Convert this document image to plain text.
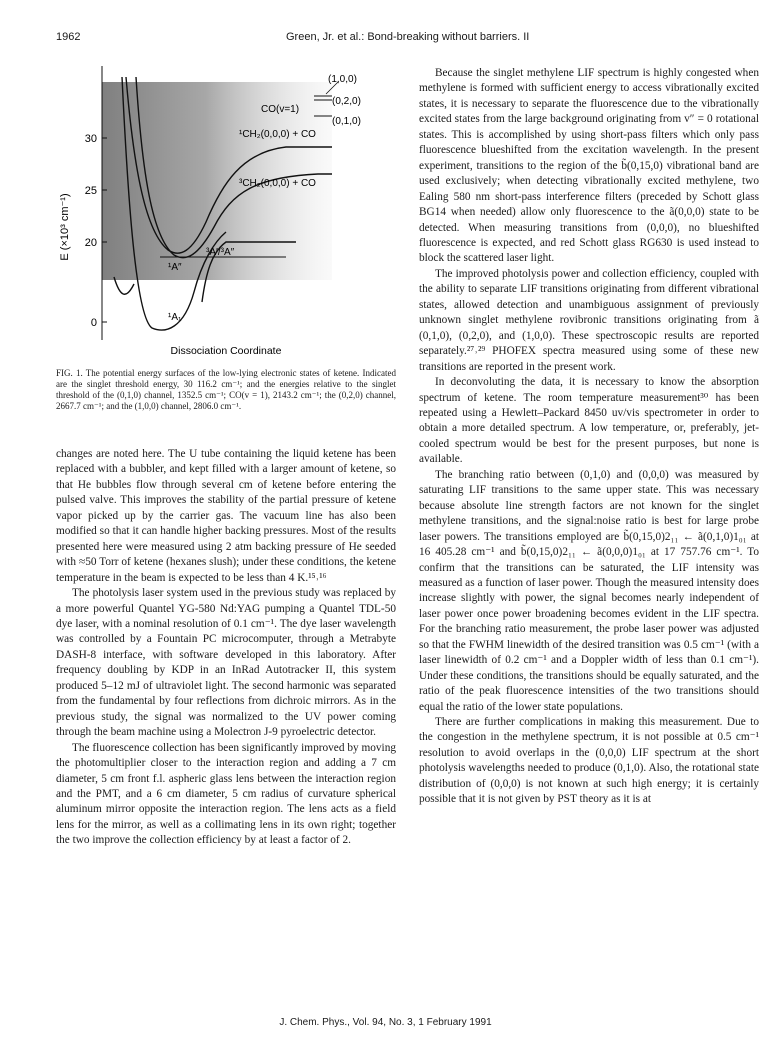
1962	Green, Jr. et al.: Bond-breaking without barriers. II
0
20
25
30
E (×10³ cm⁻¹)
(1,0,0)
(0,2,0)
(0,1,0)
CO(v=1)
¹CH₂(0,0,0) + CO
³CH₂(0,0,0) + CO
¹A″
³A′/³A″
¹A₁
Dissociation Coordinate
FIG. 1. The potential energy surfaces of the low-lying electronic states of ketene. Indicated are the singlet threshold energy, 30 116.2 cm⁻¹; and the energies relative to the singlet threshold of the (0,1,0) channel, 1352.5 cm⁻¹; CO(v = 1), 2143.2 cm⁻¹; the (0,2,0) channel, 2667.7 cm⁻¹; and the (1,0,0) channel, 2806.0 cm⁻¹.

changes are noted here. The U tube containing the liquid ketene has been replaced with a bubbler, and kept filled with a larger amount of ketene, so that He bubbles flow through several cm of ketene before entering the pulsed valve. This improves the stability of the partial pressure of ketene vapor picked up by the carrier gas. The vacuum line has also been modified so that it can handle higher backing pressures. Most of the results presented here were measured using 2 atm backing pressure of He seeded with ≈50 Torr of ketene (hexanes slush); under these conditions, the ketene temperature in the beam is expected to be less than 4 K.¹⁵˒¹⁶

The photolysis laser system used in the previous study was replaced by a more powerful Quantel YG-580 Nd:YAG pumping a Quantel TDL-50 dye laser, with a nominal resolution of 0.1 cm⁻¹. The dye laser wavelength was controlled by a Fountain PC microcomputer, through a Metrabyte DASH-8 interface, with software developed in this laboratory. After frequency doubling by KDP in an InRad Autotracker II, this system produced 5–12 mJ of ultraviolet light. The second harmonic was separated from the fundamental by four reflections from dichroic mirrors. As in the previous study, the signal was normalized to the UV power coming through the beam machine using a Molectron J-9 pyroelectric detector.

The fluorescence collection has been significantly improved by moving the photomultiplier closer to the interaction region and adding a 7 cm diameter, 5 cm front f.l. aspheric glass lens between the interaction region and the PMT, and a 6 cm diameter, 5 cm radius of curvature spherical aluminum mirror opposite the interaction region. The lens acts as a field lens for the mirror, as well as a collimating lens in its own right; together the two improve the collection efficiency by at least a factor of 2.

Because the singlet methylene LIF spectrum is highly congested when methylene is formed with sufficient energy to access vibrationally excited states, it is necessary to separate the fluorescence due to the vibrationally excited states from the large background originating from v″ = 0 rotational states. This is accomplished by using short-pass filters which only pass fluorescence blueshifted from the excitation wavelength. In the present experiment, transitions to the region of the b̃(0,15,0) vibrational band are used exclusively; when detecting vibrationally excited methylene, two Ealing 580 nm short-pass interference filters (preceded by Schott glass BG14 when needed) allow only fluorescence to the ã(0,0,0) state to be detected. When measuring transitions from (0,0,0), no blueshifted fluorescence is expected, and red Schott glass RG630 is used instead to block the scattered laser light.

The improved photolysis power and collection efficiency, coupled with the ability to separate LIF transitions originating from different vibrational states, allowed detection and unambiguous assignment of previously unknown singlet methylene rovibronic transitions originating from ã (0,1,0), (0,2,0), and (1,0,0). These spectroscopic results are reported separately.²⁷˒²⁹ PHOFEX spectra measured using some of these new transitions are reported in the present work.

In deconvoluting the data, it is necessary to know the absorption spectrum of ketene. The room temperature measurement³⁰ has been repeated using a Hewlett–Packard 8450 uv/vis spectrometer in order to obtain a more detailed spectrum. A low temperature, or, preferably, jet-cooled spectrum would be best for the present purposes, but none is available.

The branching ratio between (0,1,0) and (0,0,0) was measured by saturating LIF transitions to the same upper state. This was necessary because absolute line strength factors are not known for the singlet methylene transitions, and the signal:noise ratio is best for large probe laser powers. The transitions employed are b̃(0,15,0)2₁₁ ← ã(0,1,0)1₀₁ at 16 405.28 cm⁻¹ and b̃(0,15,0)2₁₁ ← ã(0,0,0)1₀₁ at 17 757.76 cm⁻¹. To confirm that the transitions can be saturated, the LIF intensity was measured as a function of laser power. Though the measured intensity does increase slightly with power, the signal becomes nearly independent of laser power once power broadening becomes evident in the LIF spectra. For the branching ratio measurement, the probe laser power was adjusted so that the FWHM linewidth of the desired transition was 0.5 cm⁻¹ (with a laser linewidth of 0.2 cm⁻¹ and a Doppler width of less than 0.1 cm⁻¹). Under these conditions, the transitions should be equally saturated, and the ratio of the peak fluorescence intensities of the two transitions should equal the ratio of the lower state populations.

There are further complications in making this measurement. Due to the congestion in the methylene spectrum, it is not possible at 0.5 cm⁻¹ resolution to avoid overlaps in the (0,0,0) LIF spectrum at the short photolysis wavelengths needed to produce (0,1,0). Also, the rotational state distribution of (0,0,0) is not known at such high energy; it is certainly possible that it is not given by PST theory as it is at

J. Chem. Phys., Vol. 94, No. 3, 1 February 1991
